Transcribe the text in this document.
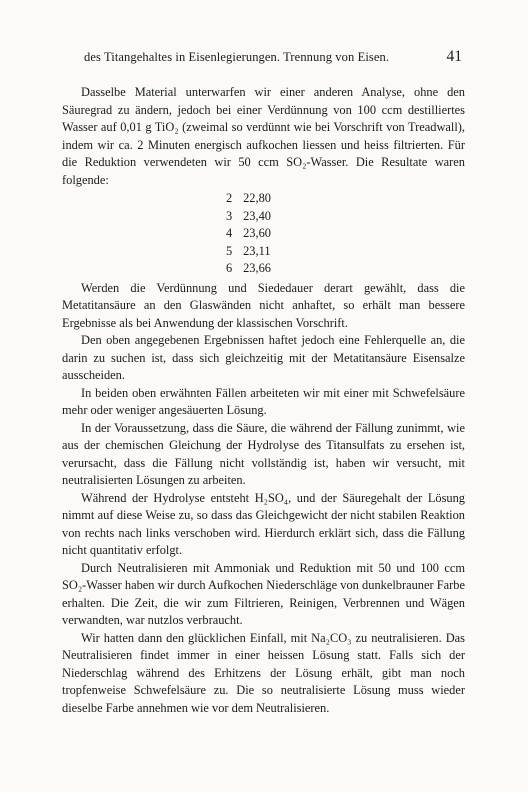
des Titangehaltes in Eisenlegierungen. Trennung von Eisen.	41

Dasselbe Material unterwarfen wir einer anderen Analyse, ohne den Säuregrad zu ändern, jedoch bei einer Verdünnung von 100 ccm destilliertes Wasser auf 0,01 g TiO₂ (zweimal so verdünnt wie bei Vorschrift von Treadwall), indem wir ca. 2 Minuten energisch aufkochen liessen und heiss filtrierten. Für die Reduktion verwendeten wir 50 ccm SO₂-Wasser. Die Resultate waren folgende:

2 22,80
3 23,40
4 23,60
5 23,11
6 23,66

Werden die Verdünnung und Siededauer derart gewählt, dass die Metatitansäure an den Glaswänden nicht anhaftet, so erhält man bessere Ergebnisse als bei Anwendung der klassischen Vorschrift.

Den oben angegebenen Ergebnissen haftet jedoch eine Fehlerquelle an, die darin zu suchen ist, dass sich gleichzeitig mit der Metatitansäure Eisensalze ausscheiden.

In beiden oben erwähnten Fällen arbeiteten wir mit einer mit Schwefelsäure mehr oder weniger angesäuerten Lösung.

In der Voraussetzung, dass die Säure, die während der Fällung zunimmt, wie aus der chemischen Gleichung der Hydrolyse des Titansulfats zu ersehen ist, verursacht, dass die Fällung nicht vollständig ist, haben wir versucht, mit neutralisierten Lösungen zu arbeiten.

Während der Hydrolyse entsteht H₂SO₄, und der Säuregehalt der Lösung nimmt auf diese Weise zu, so dass das Gleichgewicht der nicht stabilen Reaktion von rechts nach links verschoben wird. Hierdurch erklärt sich, dass die Fällung nicht quantitativ erfolgt.

Durch Neutralisieren mit Ammoniak und Reduktion mit 50 und 100 ccm SO₂-Wasser haben wir durch Aufkochen Niederschläge von dunkelbrauner Farbe erhalten. Die Zeit, die wir zum Filtrieren, Reinigen, Verbrennen und Wägen verwandten, war nutzlos verbraucht.

Wir hatten dann den glücklichen Einfall, mit Na₂CO₃ zu neutralisieren. Das Neutralisieren findet immer in einer heissen Lösung statt. Falls sich der Niederschlag während des Erhitzens der Lösung erhält, gibt man noch tropfenweise Schwefelsäure zu. Die so neutralisierte Lösung muss wieder dieselbe Farbe annehmen wie vor dem Neutralisieren.
